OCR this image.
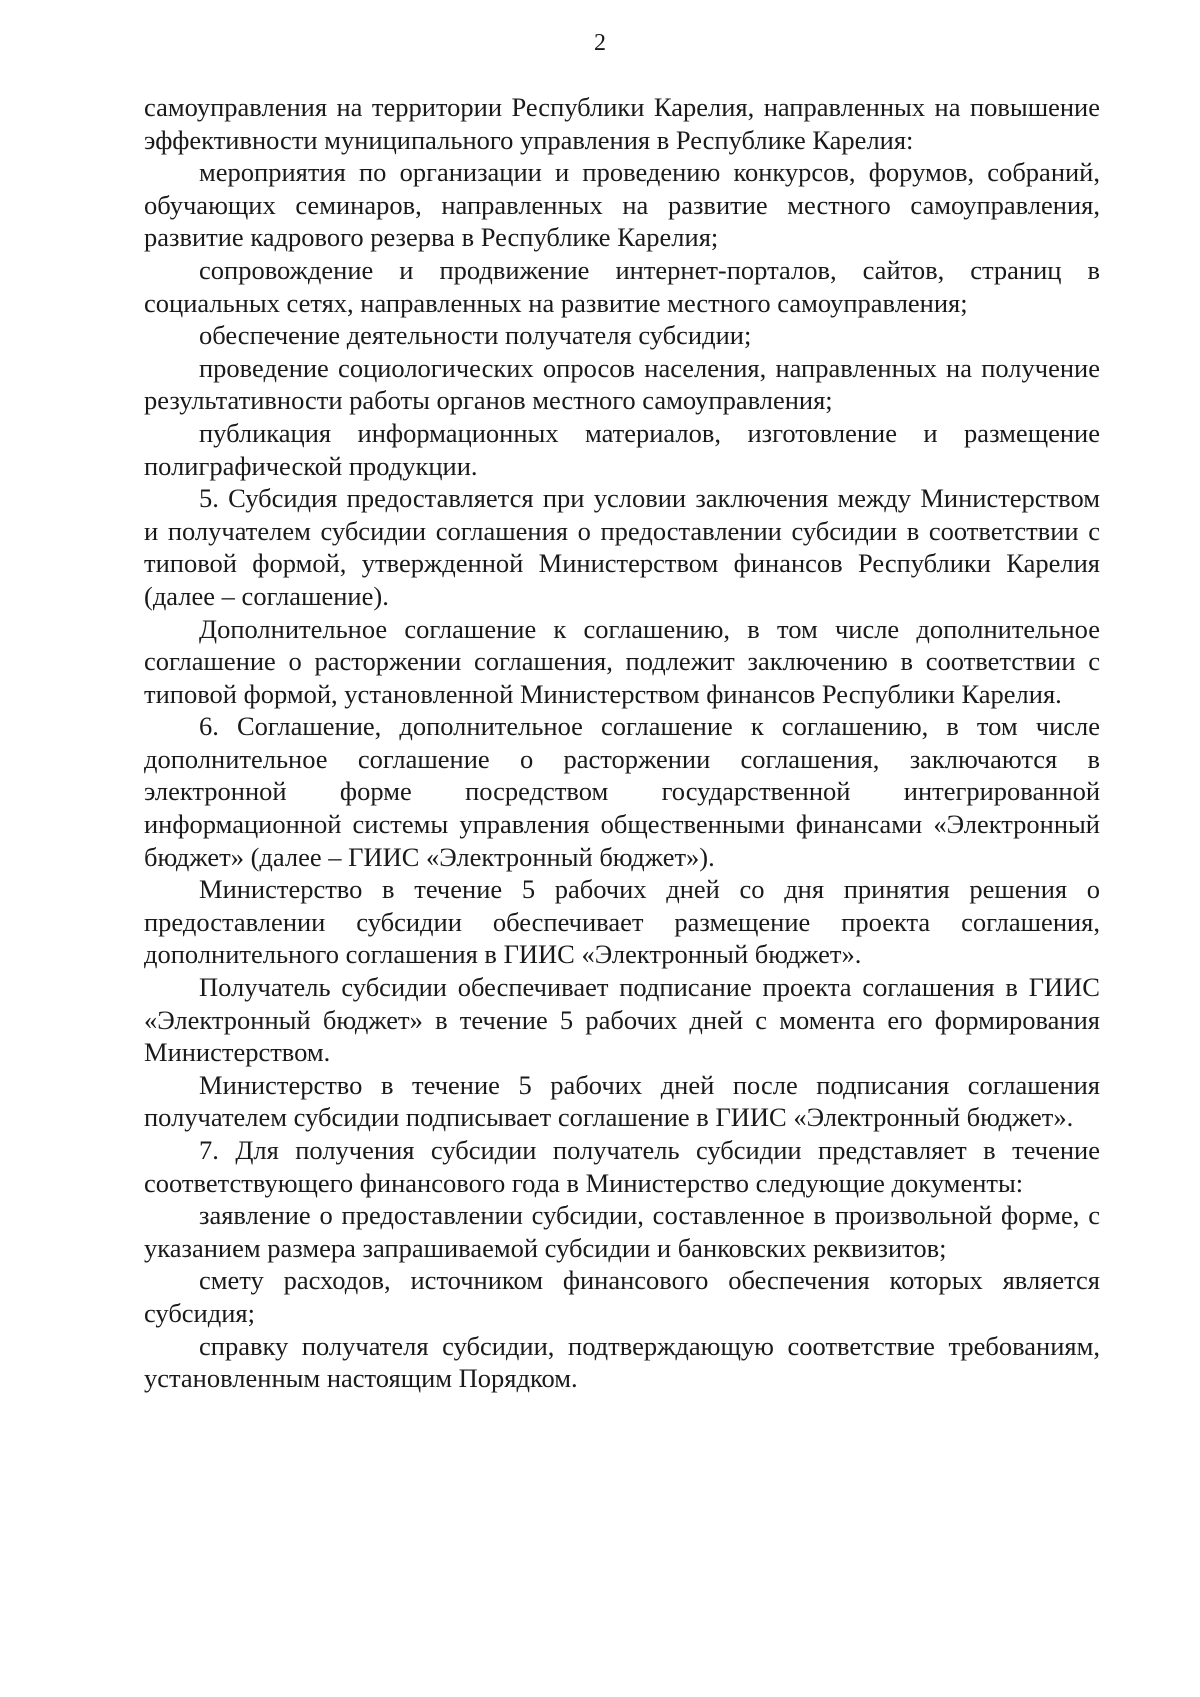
2

самоуправления на территории Республики Карелия, направленных на повышение эффективности муниципального управления в Республике Карелия:

мероприятия по организации и проведению конкурсов, форумов, собраний, обучающих семинаров, направленных на развитие местного самоуправления, развитие кадрового резерва в Республике Карелия;

сопровождение и продвижение интернет-порталов, сайтов, страниц в социальных сетях, направленных на развитие местного самоуправления;

обеспечение деятельности получателя субсидии;

проведение социологических опросов населения, направленных на получение результативности работы органов местного самоуправления;

публикация информационных материалов, изготовление и размещение полиграфической продукции.

5. Субсидия предоставляется при условии заключения между Министерством и получателем субсидии соглашения о предоставлении субсидии в соответствии с типовой формой, утвержденной Министерством финансов Республики Карелия (далее – соглашение).

Дополнительное соглашение к соглашению, в том числе дополнительное соглашение о расторжении соглашения, подлежит заключению в соответствии с типовой формой, установленной Министерством финансов Республики Карелия.

6. Соглашение, дополнительное соглашение к соглашению, в том числе дополнительное соглашение о расторжении соглашения, заключаются в электронной форме посредством государственной интегрированной информационной системы управления общественными финансами «Электронный бюджет» (далее – ГИИС «Электронный бюджет»).

Министерство в течение 5 рабочих дней со дня принятия решения о предоставлении субсидии обеспечивает размещение проекта соглашения, дополнительного соглашения в ГИИС «Электронный бюджет».

Получатель субсидии обеспечивает подписание проекта соглашения в ГИИС «Электронный бюджет» в течение 5 рабочих дней с момента его формирования Министерством.

Министерство в течение 5 рабочих дней после подписания соглашения получателем субсидии подписывает соглашение в ГИИС «Электронный бюджет».

7. Для получения субсидии получатель субсидии представляет в течение соответствующего финансового года в Министерство следующие документы:

заявление о предоставлении субсидии, составленное в произвольной форме, с указанием размера запрашиваемой субсидии и банковских реквизитов;

смету расходов, источником финансового обеспечения которых является субсидия;

справку получателя субсидии, подтверждающую соответствие требованиям, установленным настоящим Порядком.
